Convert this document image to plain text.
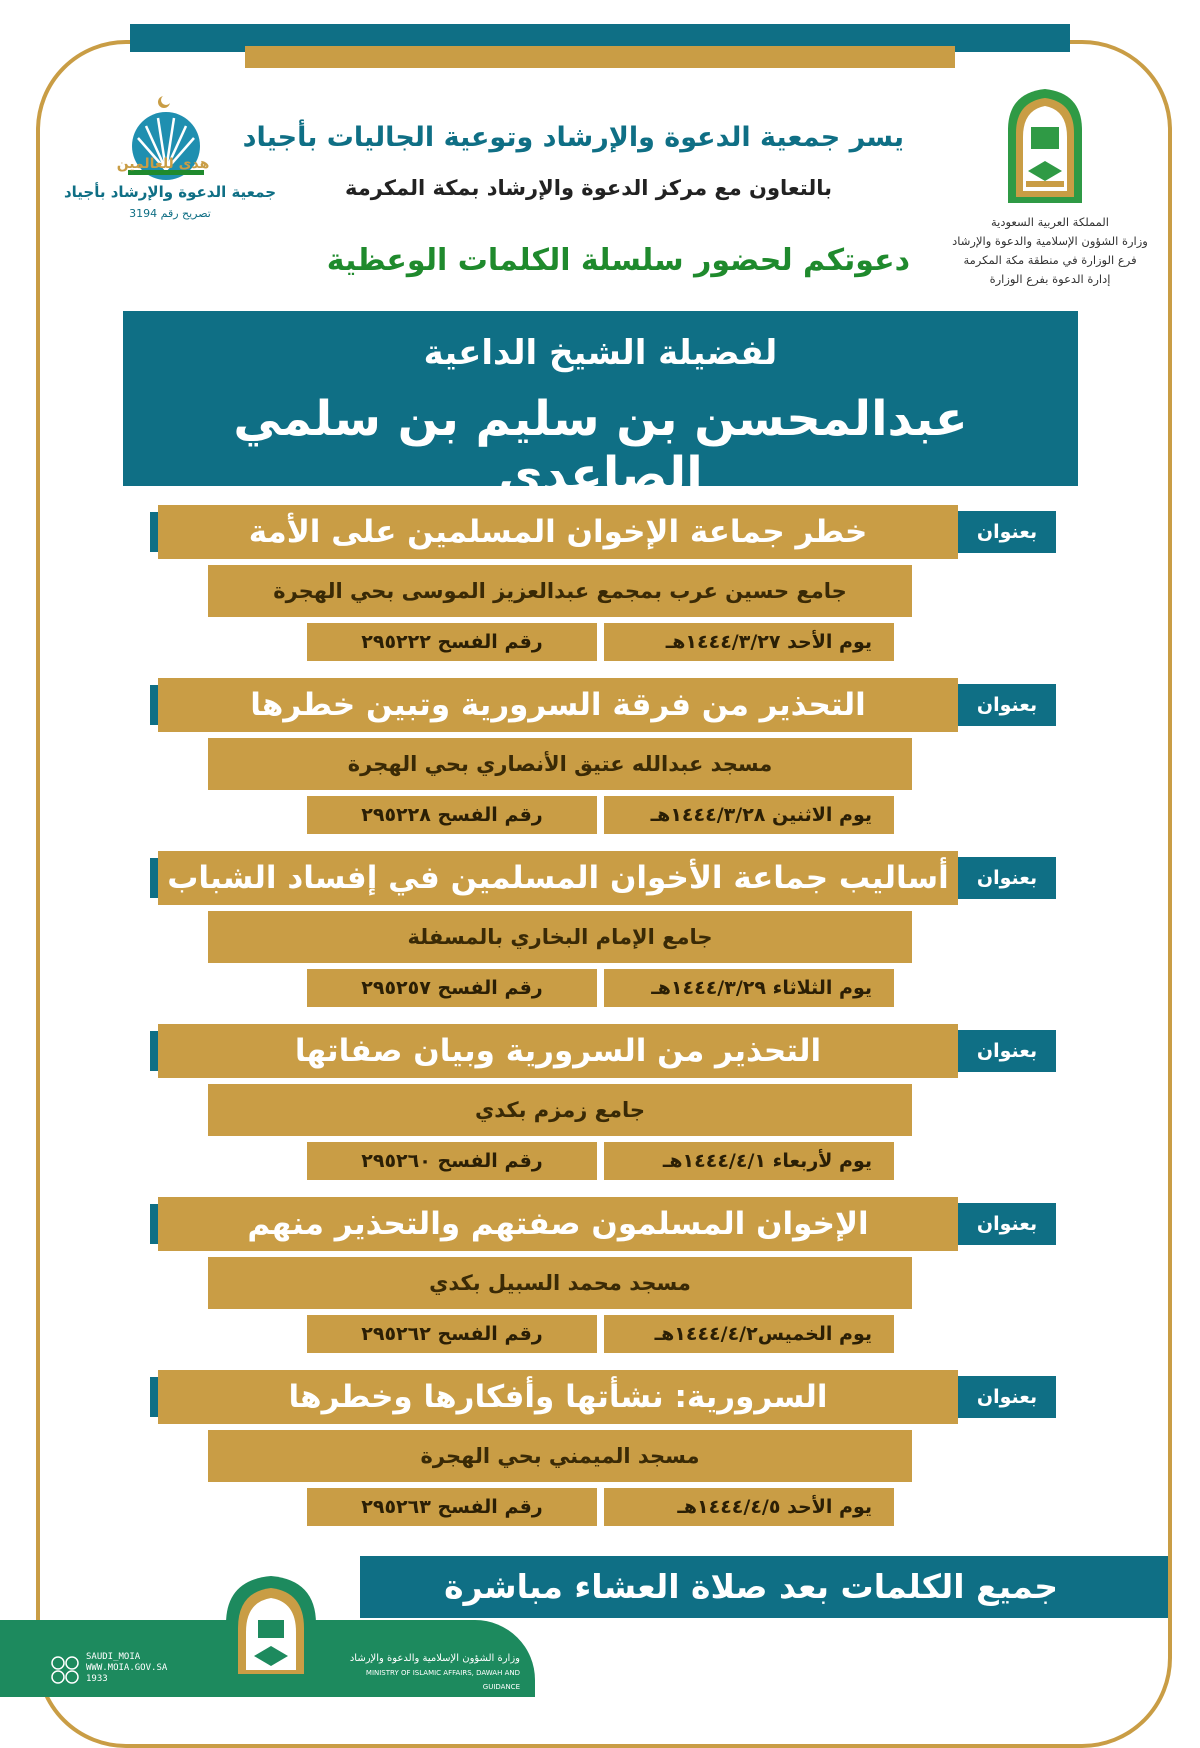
المملكة العربية السعودية
وزارة الشؤون الإسلامية والدعوة والإرشاد
فرع الوزارة في منطقة مكة المكرمة
إدارة الدعوة بفرع الوزارة
هدى للعالمين
جمعية الدعوة والإرشاد بأجياد
تصريح رقم 3194
يسر جمعية الدعوة والإرشاد وتوعية الجاليات بأجياد
بالتعاون مع مركز الدعوة والإرشاد بمكة المكرمة
دعوتكم لحضور سلسلة الكلمات الوعظية
لفضيلة الشيخ الداعية
عبدالمحسن بن سليم بن سلمي الصاعدي
خطر جماعة الإخوان المسلمين على الأمة	بعنوان
جامع حسين عرب بمجمع عبدالعزيز الموسى بحي الهجرة
يوم الأحد ١٤٤٤/٣/٢٧هـ
رقم الفسح ٢٩٥٢٢٢
التحذير من فرقة السرورية وتبين خطرها	بعنوان
مسجد عبدالله عتيق الأنصاري بحي الهجرة
يوم الاثنين ١٤٤٤/٣/٢٨هـ
رقم الفسح ٢٩٥٢٢٨
أساليب جماعة الأخوان المسلمين في إفساد الشباب	بعنوان
جامع الإمام البخاري بالمسفلة
يوم الثلاثاء ١٤٤٤/٣/٢٩هـ
رقم الفسح ٢٩٥٢٥٧
التحذير من السرورية وبيان صفاتها	بعنوان
جامع زمزم بكدي
يوم لأربعاء ١٤٤٤/٤/١هـ
رقم الفسح ٢٩٥٢٦٠
الإخوان المسلمون صفتهم والتحذير منهم	بعنوان
مسجد محمد السبيل بكدي
يوم الخميس١٤٤٤/٤/٢هـ
رقم الفسح ٢٩٥٢٦٢
السرورية: نشأتها وأفكارها وخطرها	بعنوان
مسجد الميمني بحي الهجرة
يوم الأحد ١٤٤٤/٤/٥هـ
رقم الفسح ٢٩٥٢٦٣
جميع الكلمات بعد صلاة العشاء مباشرة
وزارة الشؤون الإسلامية والدعوة والإرشاد
MINISTRY OF ISLAMIC AFFAIRS, DAWAH AND GUIDANCE
SAUDI_MOIA
WWW.MOIA.GOV.SA
1933
